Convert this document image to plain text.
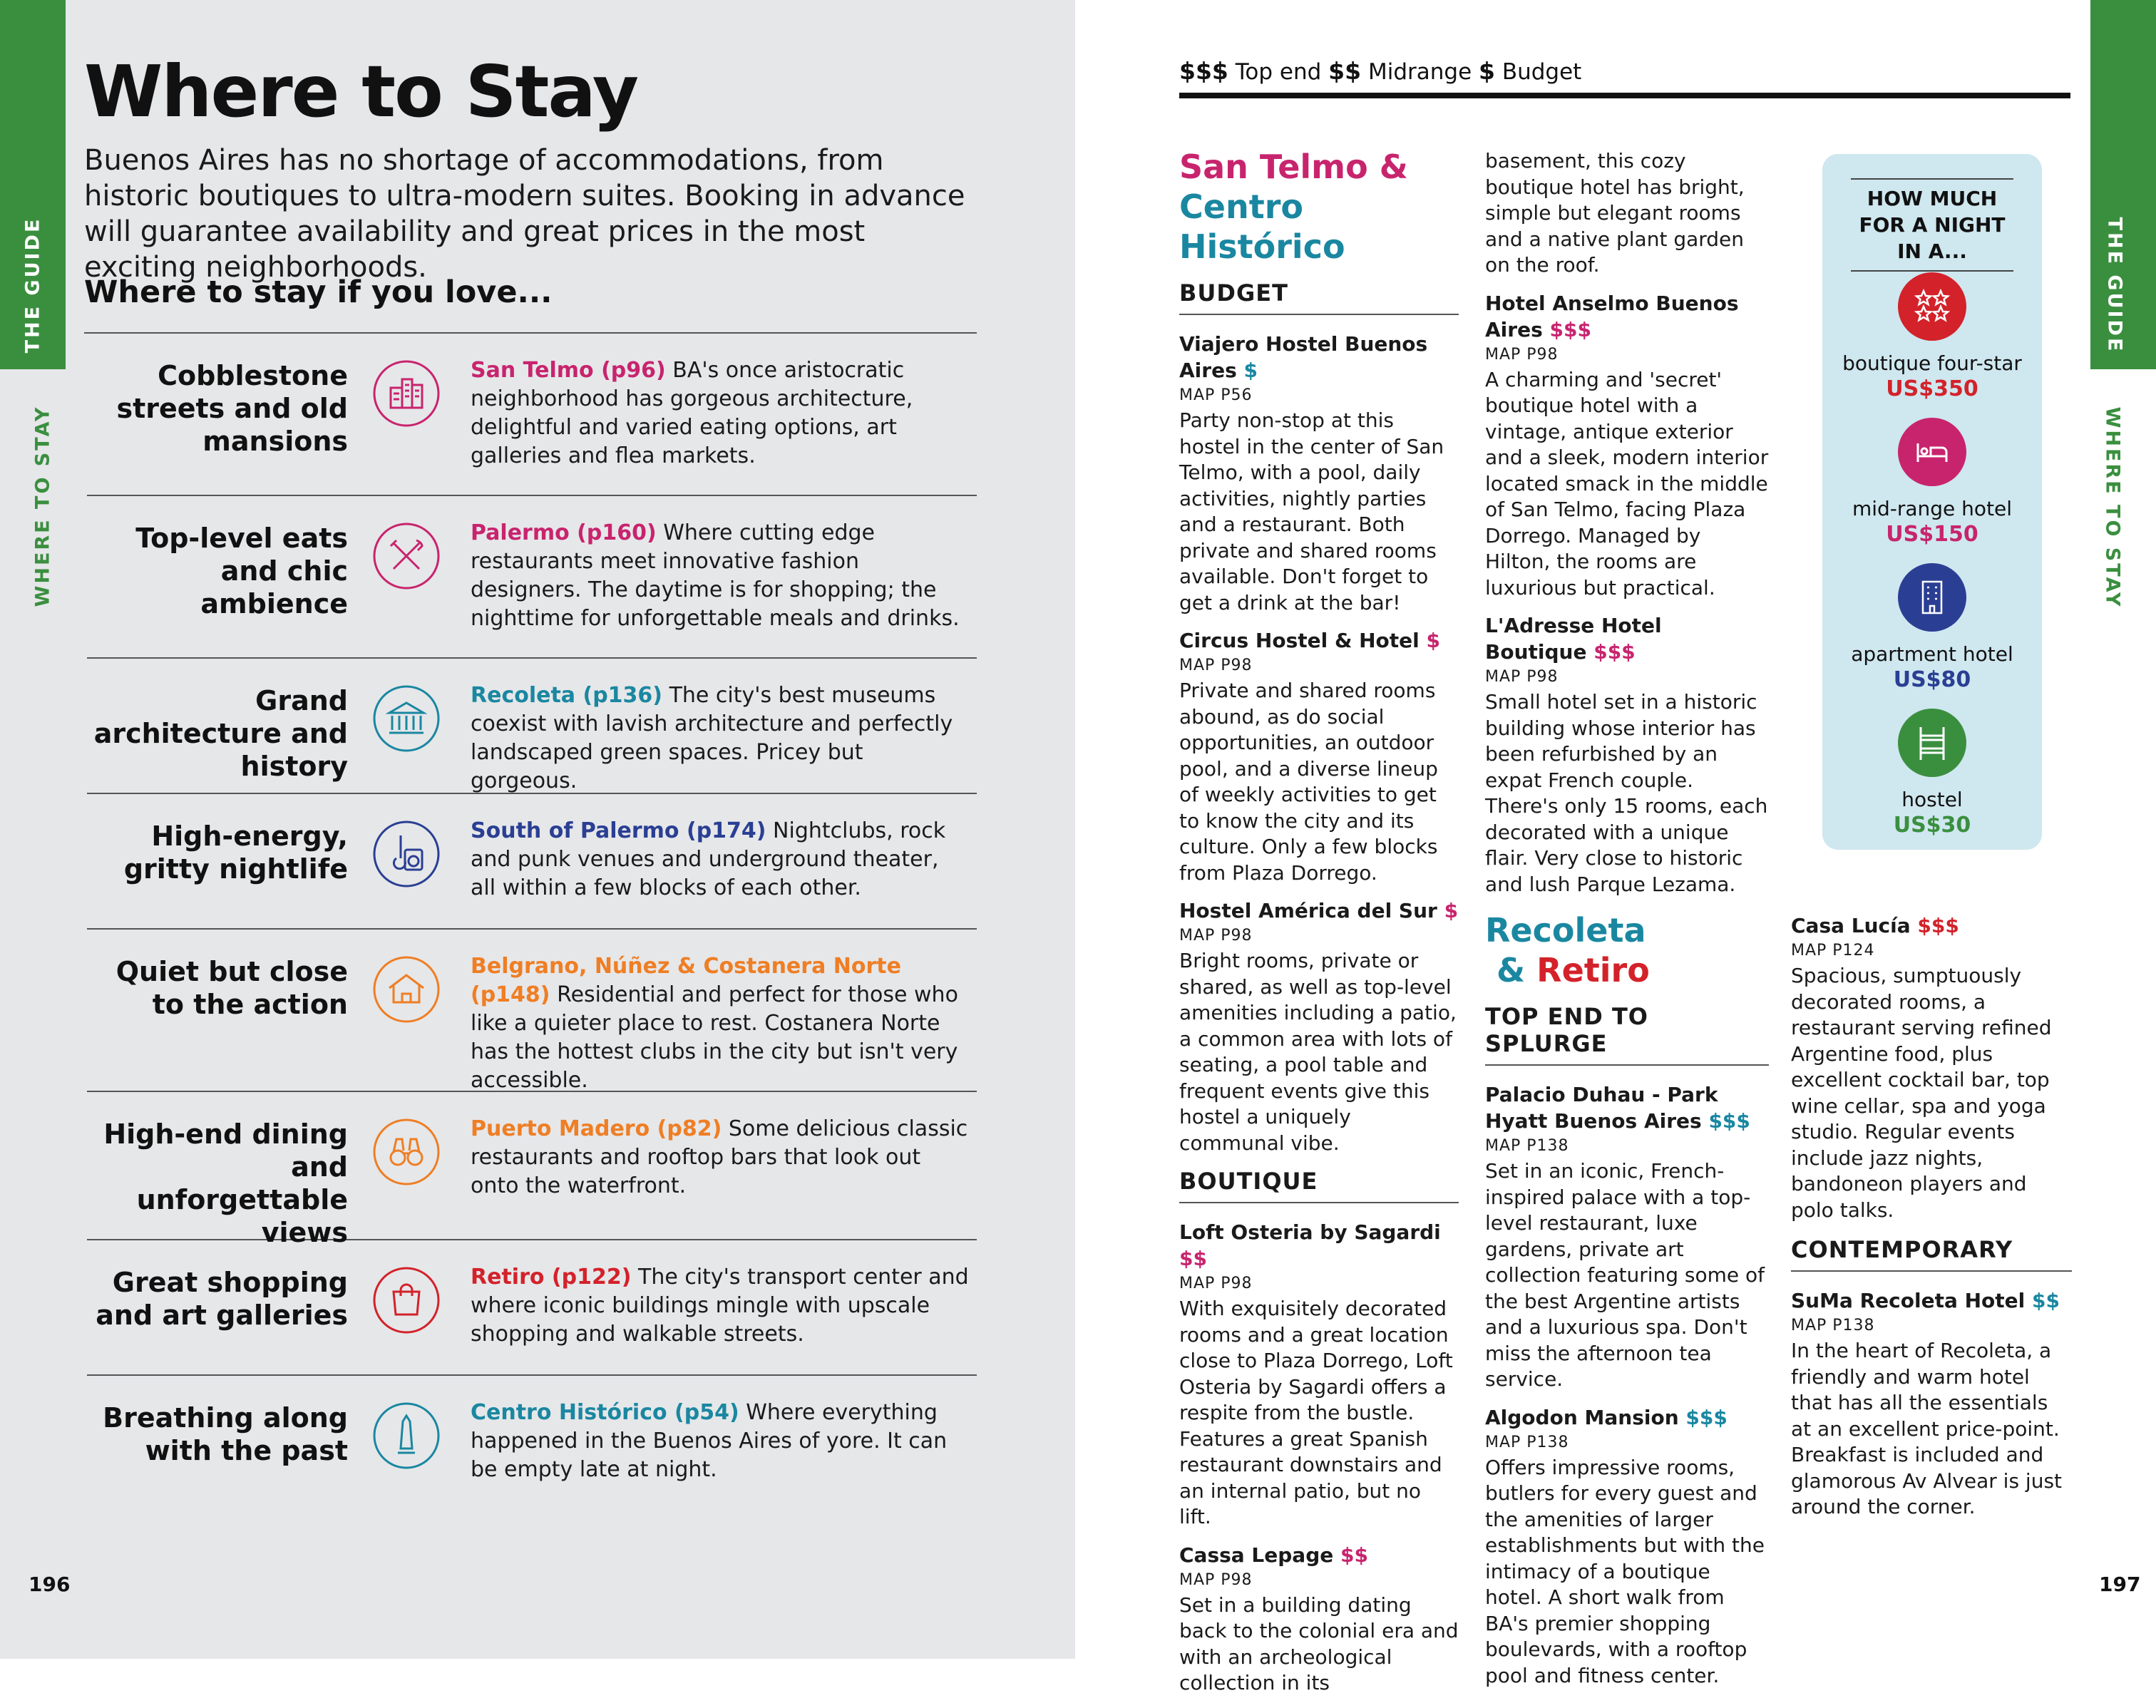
THE GUIDE
WHERE TO STAY
Where to Stay

Buenos Aires has no shortage of accommodations, from historic boutiques to ultra-modern suites. Booking in advance will guarantee availability and great prices in the most exciting neighborhoods.

Where to stay if you love...
Cobblestone streets and old mansions
San Telmo (p96) BA's once aristocratic neighborhood has gorgeous architecture, delightful and varied eating options, art galleries and flea markets.
Top-level eats and chic ambience
Palermo (p160) Where cutting edge restaurants meet innovative fashion designers. The daytime is for shopping; the nighttime for unforgettable meals and drinks.
Grand architecture and history
Recoleta (p136) The city's best museums coexist with lavish architecture and perfectly landscaped green spaces. Pricey but gorgeous.
High-energy, gritty nightlife
South of Palermo (p174) Nightclubs, rock and punk venues and underground theater, all within a few blocks of each other.
Quiet but close to the action
Belgrano, Núñez & Costanera Norte (p148) Residential and perfect for those who like a quieter place to rest. Costanera Norte has the hottest clubs in the city but isn't very accessible.
High-end dining and unforgettable views
Puerto Madero (p82) Some delicious classic restaurants and rooftop bars that look out onto the waterfront.
Great shopping and art galleries
Retiro (p122) The city's transport center and where iconic buildings mingle with upscale shopping and walkable streets.
Breathing along with the past
Centro Histórico (p54) Where everything happened in the Buenos Aires of yore. It can be empty late at night.
196
THE GUIDE
WHERE TO STAY
$$$ Top end $$ Midrange $ Budget
San Telmo &
Centro Histórico
BUDGET
Viajero Hostel Buenos Aires $
MAP P56
Party non-stop at this hostel in the center of San Telmo, with a pool, daily activities, nightly parties and a restaurant. Both private and shared rooms available. Don't forget to get a drink at the bar!
Circus Hostel & Hotel $
MAP P98
Private and shared rooms abound, as do social opportunities, an outdoor pool, and a diverse lineup of weekly activities to get to know the city and its culture. Only a few blocks from Plaza Dorrego.
Hostel América del Sur $
MAP P98
Bright rooms, private or shared, as well as top-level amenities including a patio, a common area with lots of seating, a pool table and frequent events give this hostel a uniquely communal vibe.
BOUTIQUE
Loft Osteria by Sagardi $$
MAP P98
With exquisitely decorated rooms and a great location close to Plaza Dorrego, Loft Osteria by Sagardi offers a respite from the bustle. Features a great Spanish restaurant downstairs and an internal patio, but no lift.
Cassa Lepage $$
MAP P98
Set in a building dating back to the colonial era and with an archeological collection in its
basement, this cozy boutique hotel has bright, simple but elegant rooms and a native plant garden on the roof.
Hotel Anselmo Buenos Aires $$$
MAP P98
A charming and 'secret' boutique hotel with a vintage, antique exterior and a sleek, modern interior located smack in the middle of San Telmo, facing Plaza Dorrego. Managed by Hilton, the rooms are luxurious but practical.
L'Adresse Hotel Boutique $$$
MAP P98
Small hotel set in a historic building whose interior has been refurbished by an expat French couple. There's only 15 rooms, each decorated with a unique flair. Very close to historic and lush Parque Lezama.
Recoleta & Retiro
TOP END TO SPLURGE
Palacio Duhau - Park Hyatt Buenos Aires $$$
MAP P138
Set in an iconic, French-inspired palace with a top-level restaurant, luxe gardens, private art collection featuring some of the best Argentine artists and a luxurious spa. Don't miss the afternoon tea service.
Algodon Mansion $$$
MAP P138
Offers impressive rooms, butlers for every guest and the amenities of larger establishments but with the intimacy of a boutique hotel. A short walk from BA's premier shopping boulevards, with a rooftop pool and fitness center.
Casa Lucía $$$
MAP P124
Spacious, sumptuously decorated rooms, a restaurant serving refined Argentine food, plus excellent cocktail bar, top wine cellar, spa and yoga studio. Regular events include jazz nights, bandoneon players and polo talks.
CONTEMPORARY
SuMa Recoleta Hotel $$
MAP P138
In the heart of Recoleta, a friendly and warm hotel that has all the essentials at an excellent price-point. Breakfast is included and glamorous Av Alvear is just around the corner.
HOW MUCH FOR A NIGHT IN A...
boutique four-star
US$350
mid-range hotel
US$150
apartment hotel
US$80
hostel
US$30
197
